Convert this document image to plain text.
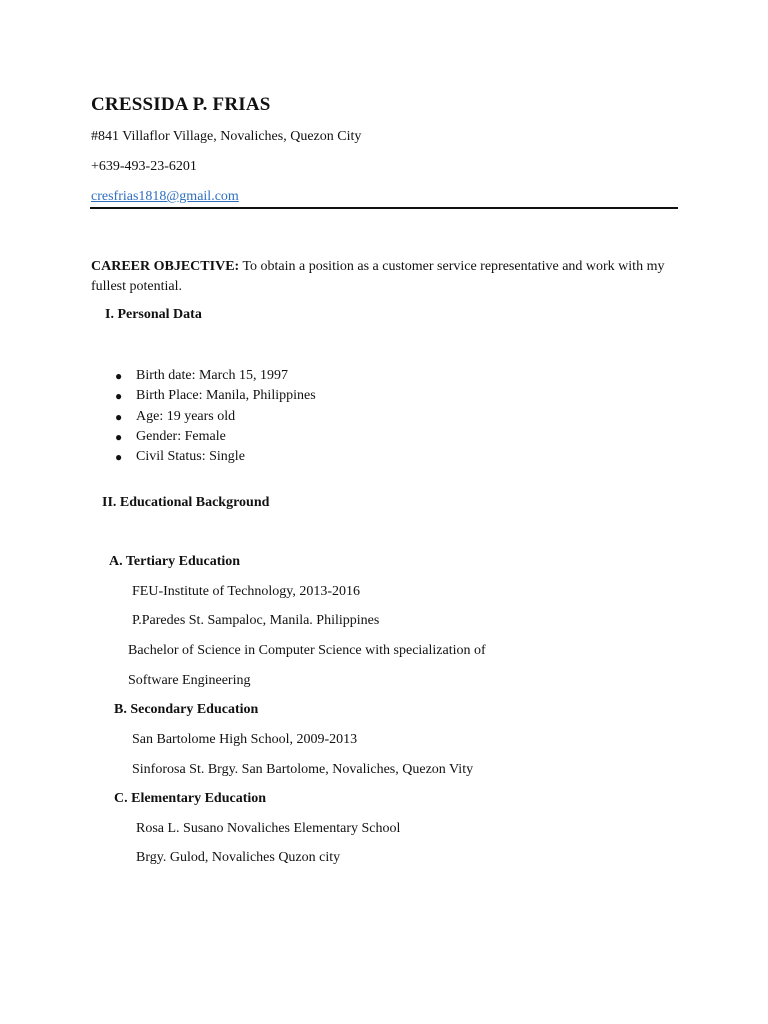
CRESSIDA P. FRIAS
#841 Villaflor Village, Novaliches, Quezon City
+639-493-23-6201
cresfrias1818@gmail.com
CAREER OBJECTIVE: To obtain a position as a customer service representative and work with my fullest potential.
I. Personal Data
● Birth date: March 15, 1997
● Birth Place: Manila, Philippines
● Age: 19 years old
● Gender: Female
● Civil Status: Single
II. Educational Background
A. Tertiary Education
FEU-Institute of Technology, 2013-2016
P.Paredes St. Sampaloc, Manila. Philippines
Bachelor of Science in Computer Science with specialization of
Software Engineering
B. Secondary Education
San Bartolome High School, 2009-2013
Sinforosa St. Brgy. San Bartolome, Novaliches, Quezon Vity
C. Elementary Education
Rosa L. Susano Novaliches Elementary School
Brgy. Gulod, Novaliches Quzon city
